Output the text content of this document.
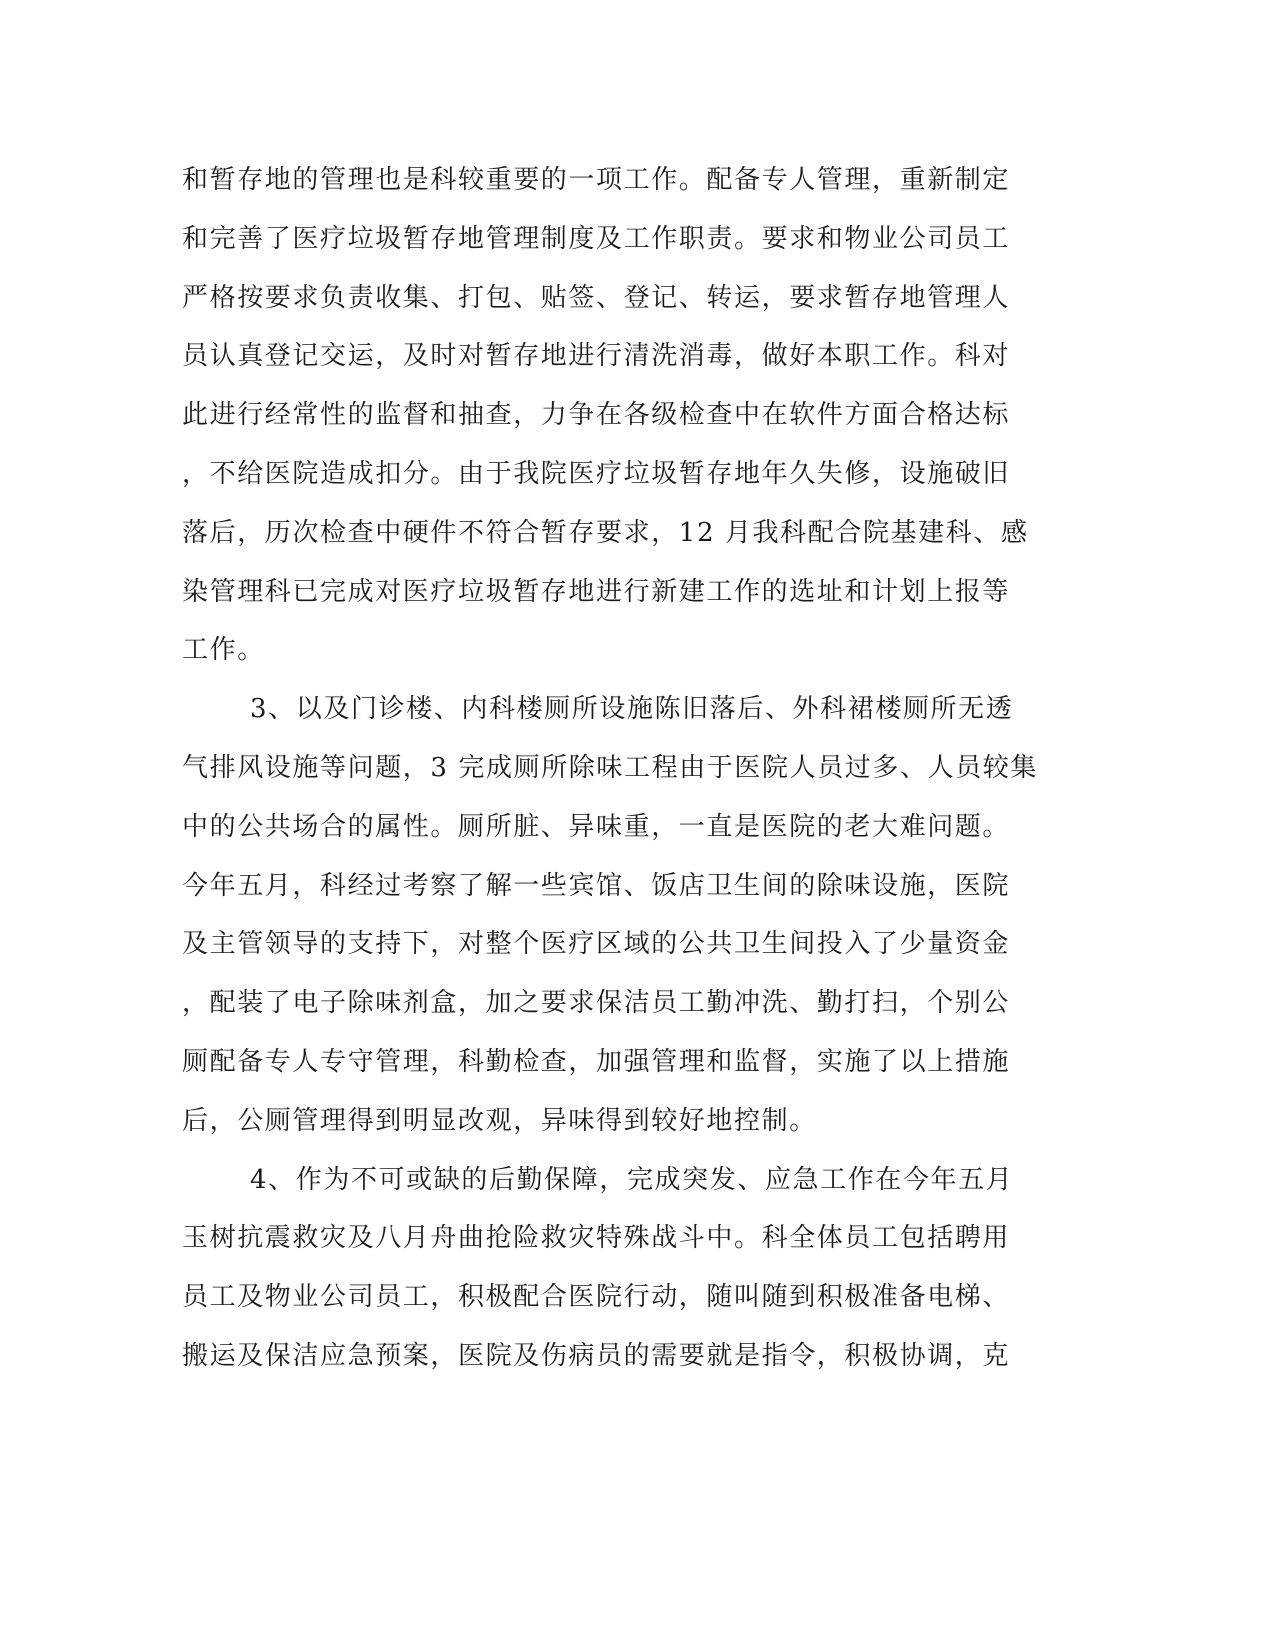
和暂存地的管理也是科较重要的一项工作。配备专人管理，重新制定
和完善了医疗垃圾暂存地管理制度及工作职责。要求和物业公司员工
严格按要求负责收集、打包、贴签、登记、转运，要求暂存地管理人
员认真登记交运，及时对暂存地进行清洗消毒，做好本职工作。科对
此进行经常性的监督和抽查，力争在各级检查中在软件方面合格达标
，不给医院造成扣分。由于我院医疗垃圾暂存地年久失修，设施破旧
落后，历次检查中硬件不符合暂存要求，12 月我科配合院基建科、感
染管理科已完成对医疗垃圾暂存地进行新建工作的选址和计划上报等
工作。
3、以及门诊楼、内科楼厕所设施陈旧落后、外科裙楼厕所无透
气排风设施等问题，3 完成厕所除味工程由于医院人员过多、人员较集
中的公共场合的属性。厕所脏、异味重，一直是医院的老大难问题。
今年五月，科经过考察了解一些宾馆、饭店卫生间的除味设施，医院
及主管领导的支持下，对整个医疗区域的公共卫生间投入了少量资金
，配装了电子除味剂盒，加之要求保洁员工勤冲洗、勤打扫，个别公
厕配备专人专守管理，科勤检查，加强管理和监督，实施了以上措施
后，公厕管理得到明显改观，异味得到较好地控制。
4、作为不可或缺的后勤保障，完成突发、应急工作在今年五月
玉树抗震救灾及八月舟曲抢险救灾特殊战斗中。科全体员工包括聘用
员工及物业公司员工，积极配合医院行动，随叫随到积极准备电梯、
搬运及保洁应急预案，医院及伤病员的需要就是指令，积极协调，克
